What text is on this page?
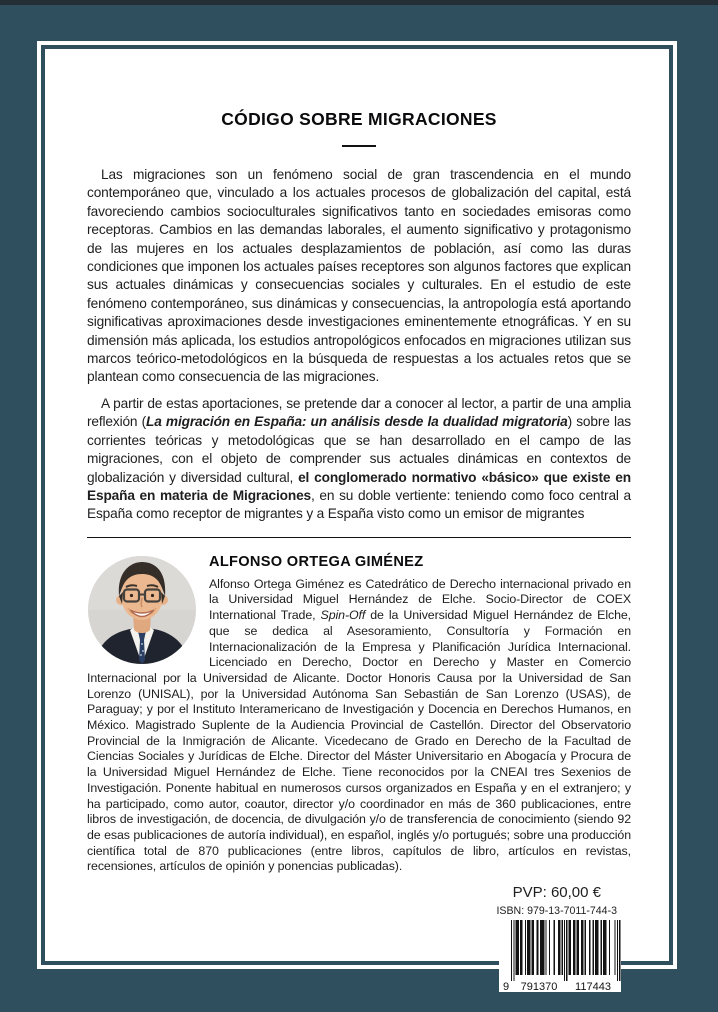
CÓDIGO SOBRE MIGRACIONES

Las migraciones son un fenómeno social de gran trascendencia en el mundo contemporáneo que, vinculado a los actuales procesos de globalización del capital, está favoreciendo cambios socioculturales significativos tanto en sociedades emisoras como receptoras. Cambios en las demandas laborales, el aumento significativo y protagonismo de las mujeres en los actuales desplazamientos de población, así como las duras condiciones que imponen los actuales países receptores son algunos factores que explican sus actuales dinámicas y consecuencias sociales y culturales. En el estudio de este fenómeno contemporáneo, sus dinámicas y consecuencias, la antropología está aportando significativas aproximaciones desde investigaciones eminentemente etnográficas. Y en su dimensión más aplicada, los estudios antropológicos enfocados en migraciones utilizan sus marcos teórico-metodológicos en la búsqueda de respuestas a los actuales retos que se plantean como consecuencia de las migraciones.

A partir de estas aportaciones, se pretende dar a conocer al lector, a partir de una amplia reflexión (La migración en España: un análisis desde la dualidad migratoria) sobre las corrientes teóricas y metodológicas que se han desarrollado en el campo de las migraciones, con el objeto de comprender sus actuales dinámicas en contextos de globalización y diversidad cultural, el conglomerado normativo «básico» que existe en España en materia de Migraciones, en su doble vertiente: teniendo como foco central a España como receptor de migrantes y a España visto como un emisor de migrantes

ALFONSO ORTEGA GIMÉNEZ

Alfonso Ortega Giménez es Catedrático de Derecho internacional privado en la Universidad Miguel Hernández de Elche. Socio-Director de COEX International Trade, Spin-Off de la Universidad Miguel Hernández de Elche, que se dedica al Asesoramiento, Consultoría y Formación en Internacionalización de la Empresa y Planificación Jurídica Internacional. Licenciado en Derecho, Doctor en Derecho y Master en Comercio Internacional por la Universidad de Alicante. Doctor Honoris Causa por la Universidad de San Lorenzo (UNISAL), por la Universidad Autónoma San Sebastián de San Lorenzo (USAS), de Paraguay; y por el Instituto Interamericano de Investigación y Docencia en Derechos Humanos, en México. Magistrado Suplente de la Audiencia Provincial de Castellón. Director del Observatorio Provincial de la Inmigración de Alicante. Vicedecano de Grado en Derecho de la Facultad de Ciencias Sociales y Jurídicas de Elche. Director del Máster Universitario en Abogacía y Procura de la Universidad Miguel Hernández de Elche. Tiene reconocidos por la CNEAI tres Sexenios de Investigación. Ponente habitual en numerosos cursos organizados en España y en el extranjero; y ha participado, como autor, coautor, director y/o coordinador en más de 360 publicaciones, entre libros de investigación, de docencia, de divulgación y/o de transferencia de conocimiento (siendo 92 de esas publicaciones de autoría individual), en español, inglés y/o portugués; sobre una producción científica total de 870 publicaciones (entre libros, capítulos de libro, artículos en revistas, recensiones, artículos de opinión y ponencias publicadas).

PVP: 60,00 €
ISBN: 979-13-7011-744-3
9 791370 117443
